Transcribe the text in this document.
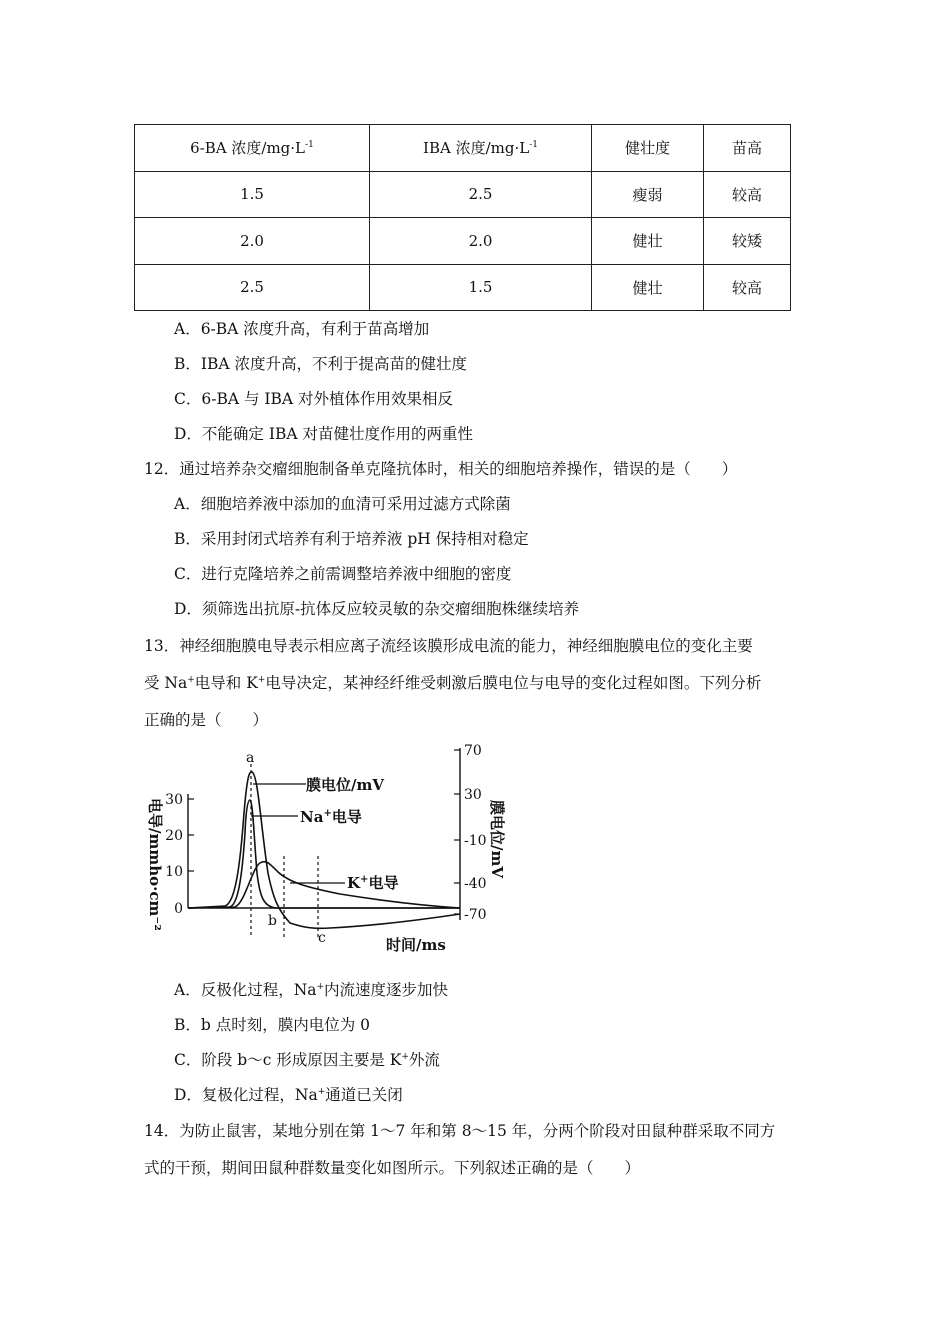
6-BA 浓度$/mg\cdot L^{-1}$	IBA 浓度$/mg\cdot L^{-1}$	健壮度	苗高
1.5	2.5	瘦弱	较高
2.0	2.0	健壮	较矮
2.5	1.5	健壮	较高
A．6-BA 浓度升高，有利于苗高增加
B．IBA 浓度升高，不利于提高苗的健壮度
C．6-BA 与 IBA 对外植体作用效果相反
D．不能确定 IBA 对苗健壮度作用的两重性
12．通过培养杂交瘤细胞制备单克隆抗体时，相关的细胞培养操作，错误的是（　　）
A．细胞培养液中添加的血清可采用过滤方式除菌
B．采用封闭式培养有利于培养液 pH 保持相对稳定
C．进行克隆培养之前需调整培养液中细胞的密度
D．须筛选出抗原-抗体反应较灵敏的杂交瘤细胞株继续培养
13．神经细胞膜电导表示相应离子流经该膜形成电流的能力，神经细胞膜电位的变化主要
受 Na+电导和 K+电导决定，某神经纤维受刺激后膜电位与电导的变化过程如图。下列分析
正确的是（　　）
30
20
10
0
70
30
-10
-40
-70
电导/mmho·cm⁻²	膜电位/mV
时间/ms
膜电位/mV
Na+电导
K+电导
a
b
c
A．反极化过程，Na+内流速度逐步加快
B．b 点时刻，膜内电位为 0
C．阶段 b～c 形成原因主要是 K+外流
D．复极化过程，Na+通道已关闭
14．为防止鼠害，某地分别在第 1～7 年和第 8～15 年，分两个阶段对田鼠种群采取不同方
式的干预，期间田鼠种群数量变化如图所示。下列叙述正确的是（　　）
